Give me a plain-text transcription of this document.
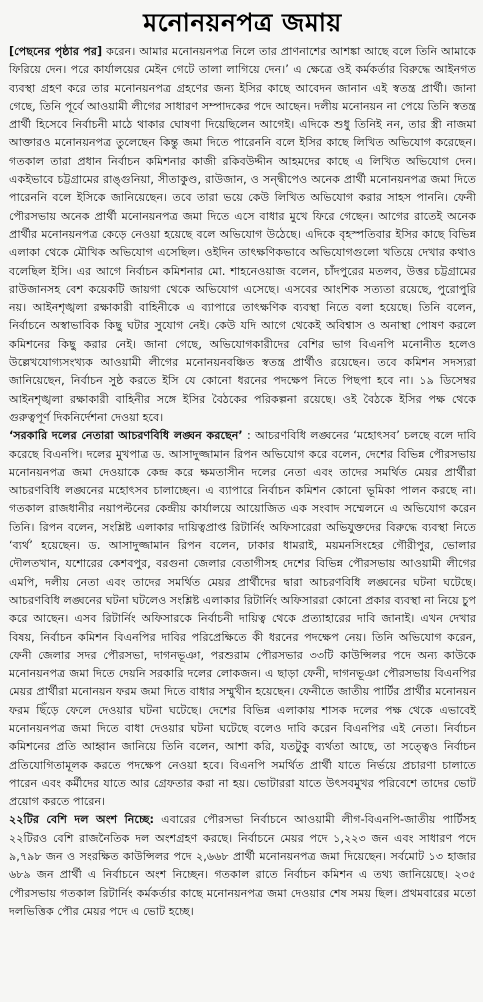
মনোনয়নপত্র জমায়

[পেছনের পৃষ্ঠার পর] করেন। আমার মনোনয়নপত্র নিলে তার প্রাণনাশের আশঙ্কা আছে বলে তিনি আমাকে ফিরিয়ে দেন। পরে কার্যালয়ের মেইন গেটে তালা লাগিয়ে দেন।’ এ ক্ষেত্রে ওই কর্মকর্তার বিরুদ্ধে আইনগত ব্যবস্থা গ্রহণ করে তার মনোনয়নপত্র গ্রহণের জন্য ইসির কাছে আবেদন জানান এই স্বতন্ত্র প্রার্থী। জানা গেছে, তিনি পূর্বে আওয়ামী লীগের সাধারণ সম্পাদকের পদে আছেন। দলীয় মনোনয়ন না পেয়ে তিনি স্বতন্ত্র প্রার্থী হিসেবে নির্বাচনী মাঠে থাকার ঘোষণা দিয়েছিলেন আগেই। এদিকে শুধু তিনিই নন, তার স্ত্রী নাজমা আক্তারও মনোনয়নপত্র তুলেছেন কিন্তু জমা দিতে পারেননি বলে ইসির কাছে লিখিত অভিযোগ করেছেন। গতকাল তারা প্রধান নির্বাচন কমিশনার কাজী রকিবউদ্দীন আহমদের কাছে এ লিখিত অভিযোগ দেন। একইভাবে চট্টগ্রামের রাঙ্গুনিয়া, সীতাকুণ্ড, রাউজান, ও সন্দ্বীপেও অনেক প্রার্থী মনোনয়নপত্র জমা দিতে পারেননি বলে ইসিকে জানিয়েছেন। তবে তারা ভয়ে কেউ লিখিত অভিযোগ করার সাহস পাননি। ফেনী পৌরসভায় অনেক প্রার্থী মনোনয়নপত্র জমা দিতে এসে বাধার মুখে ফিরে গেছেন। আগের রাতেই অনেক প্রার্থীর মনোনয়নপত্র কেড়ে নেওয়া হয়েছে বলে অভিযোগ উঠেছে। এদিকে বৃহস্পতিবার ইসির কাছে বিভিন্ন এলাকা থেকে মৌখিক অভিযোগ এসেছিল। ওইদিন তাৎক্ষণিকভাবে অভিযোগগুলো খতিয়ে দেখার কথাও বলেছিল ইসি। এর আগে নির্বাচন কমিশনার মো. শাহনেওয়াজ বলেন, চাঁদপুরের মতলব, উত্তর চট্টগ্রামের রাউজানসহ বেশ কয়েকটি জায়গা থেকে অভিযোগ এসেছে। এসবের আংশিক সত্যতা রয়েছে, পুরোপুরি নয়। আইনশৃঙ্খলা রক্ষাকারী বাহিনীকে এ ব্যাপারে তাৎক্ষণিক ব্যবস্থা নিতে বলা হয়েছে। তিনি বলেন, নির্বাচনে অস্বাভাবিক কিছু ঘটার সুযোগ নেই। কেউ যদি আগে থেকেই অবিশ্বাস ও অনাস্থা পোষণ করলে কমিশনের কিছু করার নেই। জানা গেছে, অভিযোগকারীদের বেশির ভাগ বিএনপি মনোনীত হলেও উল্লেখযোগ্যসংখ্যক আওয়ামী লীগের মনোনয়নবঞ্চিত স্বতন্ত্র প্রার্থীও রয়েছেন। তবে কমিশন সদস্যরা জানিয়েছেন, নির্বাচন সুষ্ঠ করতে ইসি যে কোনো ধরনের পদক্ষেপ নিতে পিছপা হবে না। ১৯ ডিসেম্বর আইনশৃঙ্খলা রক্ষাকারী বাহিনীর সঙ্গে ইসির বৈঠকের পরিকল্পনা রয়েছে। ওই বৈঠকে ইসির পক্ষ থেকে গুরুত্বপূর্ণ দিকনির্দেশনা দেওয়া হবে।

‘সরকারি দলের নেতারা আচরণবিধি লঙ্ঘন করছেন’ : আচরণবিধি লঙ্ঘনের ‘মহোৎসব’ চলছে বলে দাবি করেছে বিএনপি। দলের মুখপাত্র ড. আসাদুজ্জামান রিপন অভিযোগ করে বলেন, দেশের বিভিন্ন পৌরসভায় মনোনয়নপত্র জমা দেওয়াকে কেন্দ্র করে ক্ষমতাসীন দলের নেতা এবং তাদের সমর্থিত মেয়র প্রার্থীরা আচরণবিধি লঙ্ঘনের মহোৎসব চালাচ্ছেন। এ ব্যাপারে নির্বাচন কমিশন কোনো ভূমিকা পালন করছে না। গতকাল রাজধানীর নয়াপল্টনের কেন্দ্রীয় কার্যালয়ে আয়োজিত এক সংবাদ সম্মেলনে এ অভিযোগ করেন তিনি। রিপন বলেন, সংশ্লিষ্ট এলাকার দায়িত্বপ্রাপ্ত রিটার্নিং অফিসারেরা অভিযুক্তদের বিরুদ্ধে ব্যবস্থা নিতে ‘ব্যর্থ’ হয়েছেন। ড. আসাদুজ্জামান রিপন বলেন, ঢাকার ধামরাই, ময়মনসিংহের গৌরীপুর, ভোলার দৌলতখান, যশোরের কেশবপুর, বরগুনা জেলার বেতাগীসহ দেশের বিভিন্ন পৌরসভায় আওয়ামী লীগের এমপি, দলীয় নেতা এবং তাদের সমর্থিত মেয়র প্রার্থীদের দ্বারা আচরণবিধি লঙ্ঘনের ঘটনা ঘটেছে। আচরণবিধি লঙ্ঘনের ঘটনা ঘটলেও সংশ্লিষ্ট এলাকার রিটার্নিং অফিসাররা কোনো প্রকার ব্যবস্থা না নিয়ে চুপ করে আছেন। এসব রিটার্নিং অফিসারকে নির্বাচনী দায়িত্ব থেকে প্রত্যাহারের দাবি জানাই। এখন দেখার বিষয়, নির্বাচন কমিশন বিএনপির দাবির পরিপ্রেক্ষিতে কী ধরনের পদক্ষেপ নেয়। তিনি অভিযোগ করেন, ফেনী জেলার সদর পৌরসভা, দাগনভূঞা, পরশুরাম পৌরসভার ৩৩টি কাউন্সিলর পদে অন্য কাউকে মনোনয়নপত্র জমা দিতে দেয়নি সরকারি দলের লোকজন। এ ছাড়া ফেনী, দাগনভূঞা পৌরসভায় বিএনপির মেয়র প্রার্থীরা মনোনয়ন ফরম জমা দিতে বাধার সম্মুখীন হয়েছেন। ফেনীতে জাতীয় পার্টির প্রার্থীর মনোনয়ন ফরম ছিঁড়ে ফেলে দেওয়ার ঘটনা ঘটেছে। দেশের বিভিন্ন এলাকায় শাসক দলের পক্ষ থেকে এভাবেই মনোনয়নপত্র জমা দিতে বাধা দেওয়ার ঘটনা ঘটেছে বলেও দাবি করেন বিএনপির এই নেতা। নির্বাচন কমিশনের প্রতি আহ্বান জানিয়ে তিনি বলেন, আশা করি, যতটুকু ব্যর্থতা আছে, তা সত্ত্বেও নির্বাচন প্রতিযোগিতামূলক করতে পদক্ষেপ নেওয়া হবে। বিএনপি সমর্থিত প্রার্থী যাতে নির্ভয়ে প্রচারণা চালাতে পারেন এবং কর্মীদের যাতে আর গ্রেফতার করা না হয়। ভোটাররা যাতে উৎসবমুখর পরিবেশে তাদের ভোট প্রয়োগ করতে পারেন।

২২টির বেশি দল অংশ নিচ্ছে: এবারের পৌরসভা নির্বাচনে আওয়ামী লীগ-বিএনপি-জাতীয় পার্টিসহ ২২টিরও বেশি রাজনৈতিক দল অংশগ্রহণ করছে। নির্বাচনে মেয়র পদে ১,২২৩ জন এবং সাধারণ পদে ৯,৭৯৮ জন ও সংরক্ষিত কাউন্সিলর পদে ২,৬৬৮ প্রার্থী মনোনয়নপত্র জমা দিয়েছেন। সর্বমোট ১৩ হাজার ৬৮৯ জন প্রার্থী এ নির্বাচনে অংশ নিচ্ছেন। গতকাল রাতে নির্বাচন কমিশন এ তথ্য জানিয়েছে। ২৩৫ পৌরসভায় গতকাল রিটার্নিং কর্মকর্তার কাছে মনোনয়নপত্র জমা দেওয়ার শেষ সময় ছিল। প্রথমবারের মতো দলভিত্তিক পৌর মেয়র পদে এ ভোট হচ্ছে।
